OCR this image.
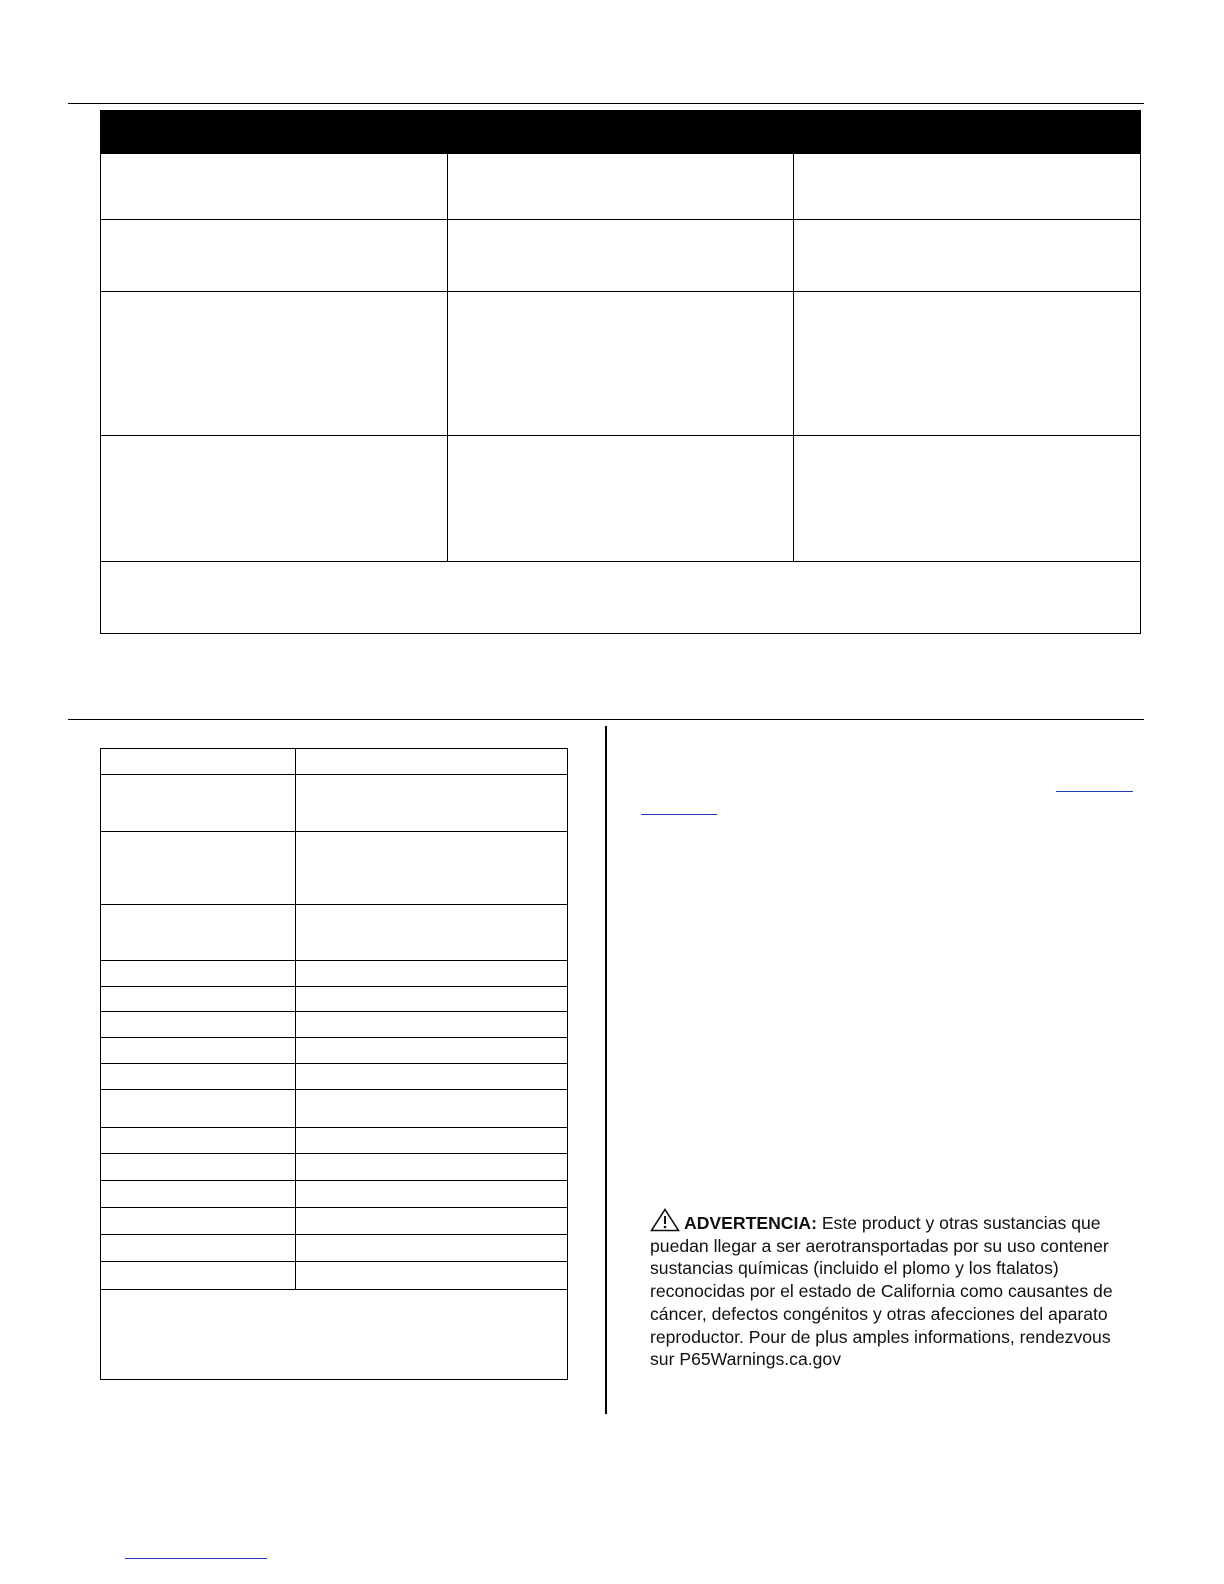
ADVERTENCIA: Este product y otras sustancias que
puedan llegar a ser aerotransportadas por su uso contener
sustancias químicas (incluido el plomo y los ftalatos)
reconocidas por el estado de California como causantes de
cáncer, defectos congénitos y otras afecciones del aparato
reproductor. Pour de plus amples informations, rendezvous
sur P65Warnings.ca.gov
